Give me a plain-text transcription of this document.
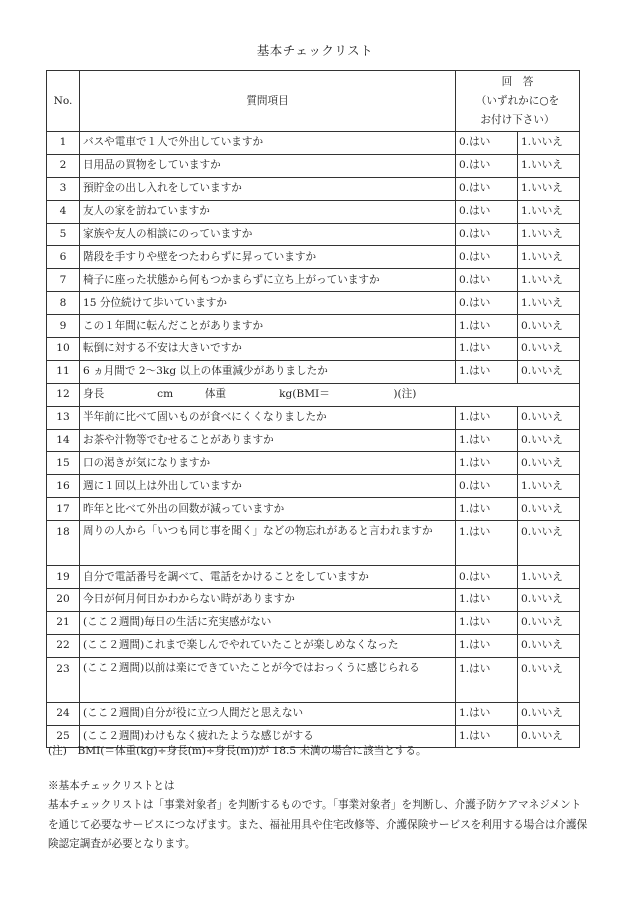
基本チェックリスト
No.	質問項目	回　答
（いずれかに○を
お付け下さい）	

1	バスや電車で１人で外出していますか	0.はい	1.いいえ
2	日用品の買物をしていますか	0.はい	1.いいえ
3	預貯金の出し入れをしていますか	0.はい	1.いいえ
4	友人の家を訪ねていますか	0.はい	1.いいえ
5	家族や友人の相談にのっていますか	0.はい	1.いいえ
6	階段を手すりや壁をつたわらずに昇っていますか	0.はい	1.いいえ
7	椅子に座った状態から何もつかまらずに立ち上がっていますか	0.はい	1.いいえ
8	15 分位続けて歩いていますか	0.はい	1.いいえ
9	この１年間に転んだことがありますか	1.はい	0.いいえ
10	転倒に対する不安は大きいですか	1.はい	0.いいえ
11	6 ヵ月間で 2～3kg 以上の体重減少がありましたか	1.はい	0.いいえ
12	身長　　　　　cm　　　体重　　　　　kg(BMI＝　　　　　　)(注)		
13	半年前に比べて固いものが食べにくくなりましたか	1.はい	0.いいえ
14	お茶や汁物等でむせることがありますか	1.はい	0.いいえ
15	口の渇きが気になりますか	1.はい	0.いいえ
16	週に１回以上は外出していますか	0.はい	1.いいえ
17	昨年と比べて外出の回数が減っていますか	1.はい	0.いいえ
18	周りの人から「いつも同じ事を聞く」などの物忘れがあると言われますか	1.はい	0.いいえ
19	自分で電話番号を調べて、電話をかけることをしていますか	0.はい	1.いいえ
20	今日が何月何日かわからない時がありますか	1.はい	0.いいえ
21	(ここ２週間)毎日の生活に充実感がない	1.はい	0.いいえ
22	(ここ２週間)これまで楽しんでやれていたことが楽しめなくなった	1.はい	0.いいえ
23	(ここ２週間)以前は楽にできていたことが今ではおっくうに感じられる	1.はい	0.いいえ
24	(ここ２週間)自分が役に立つ人間だと思えない	1.はい	0.いいえ
25	(ここ２週間)わけもなく疲れたような感じがする	1.はい	0.いいえ
(注)　BMI(＝体重(kg)÷身長(m)÷身長(m))が 18.5 未満の場合に該当とする。
※基本チェックリストとは
基本チェックリストは「事業対象者」を判断するものです。「事業対象者」を判断し、介護予防ケアマネジメントを通じて必要なサービスにつなげます。また、福祉用具や住宅改修等、介護保険サービスを利用する場合は介護保険認定調査が必要となります。
